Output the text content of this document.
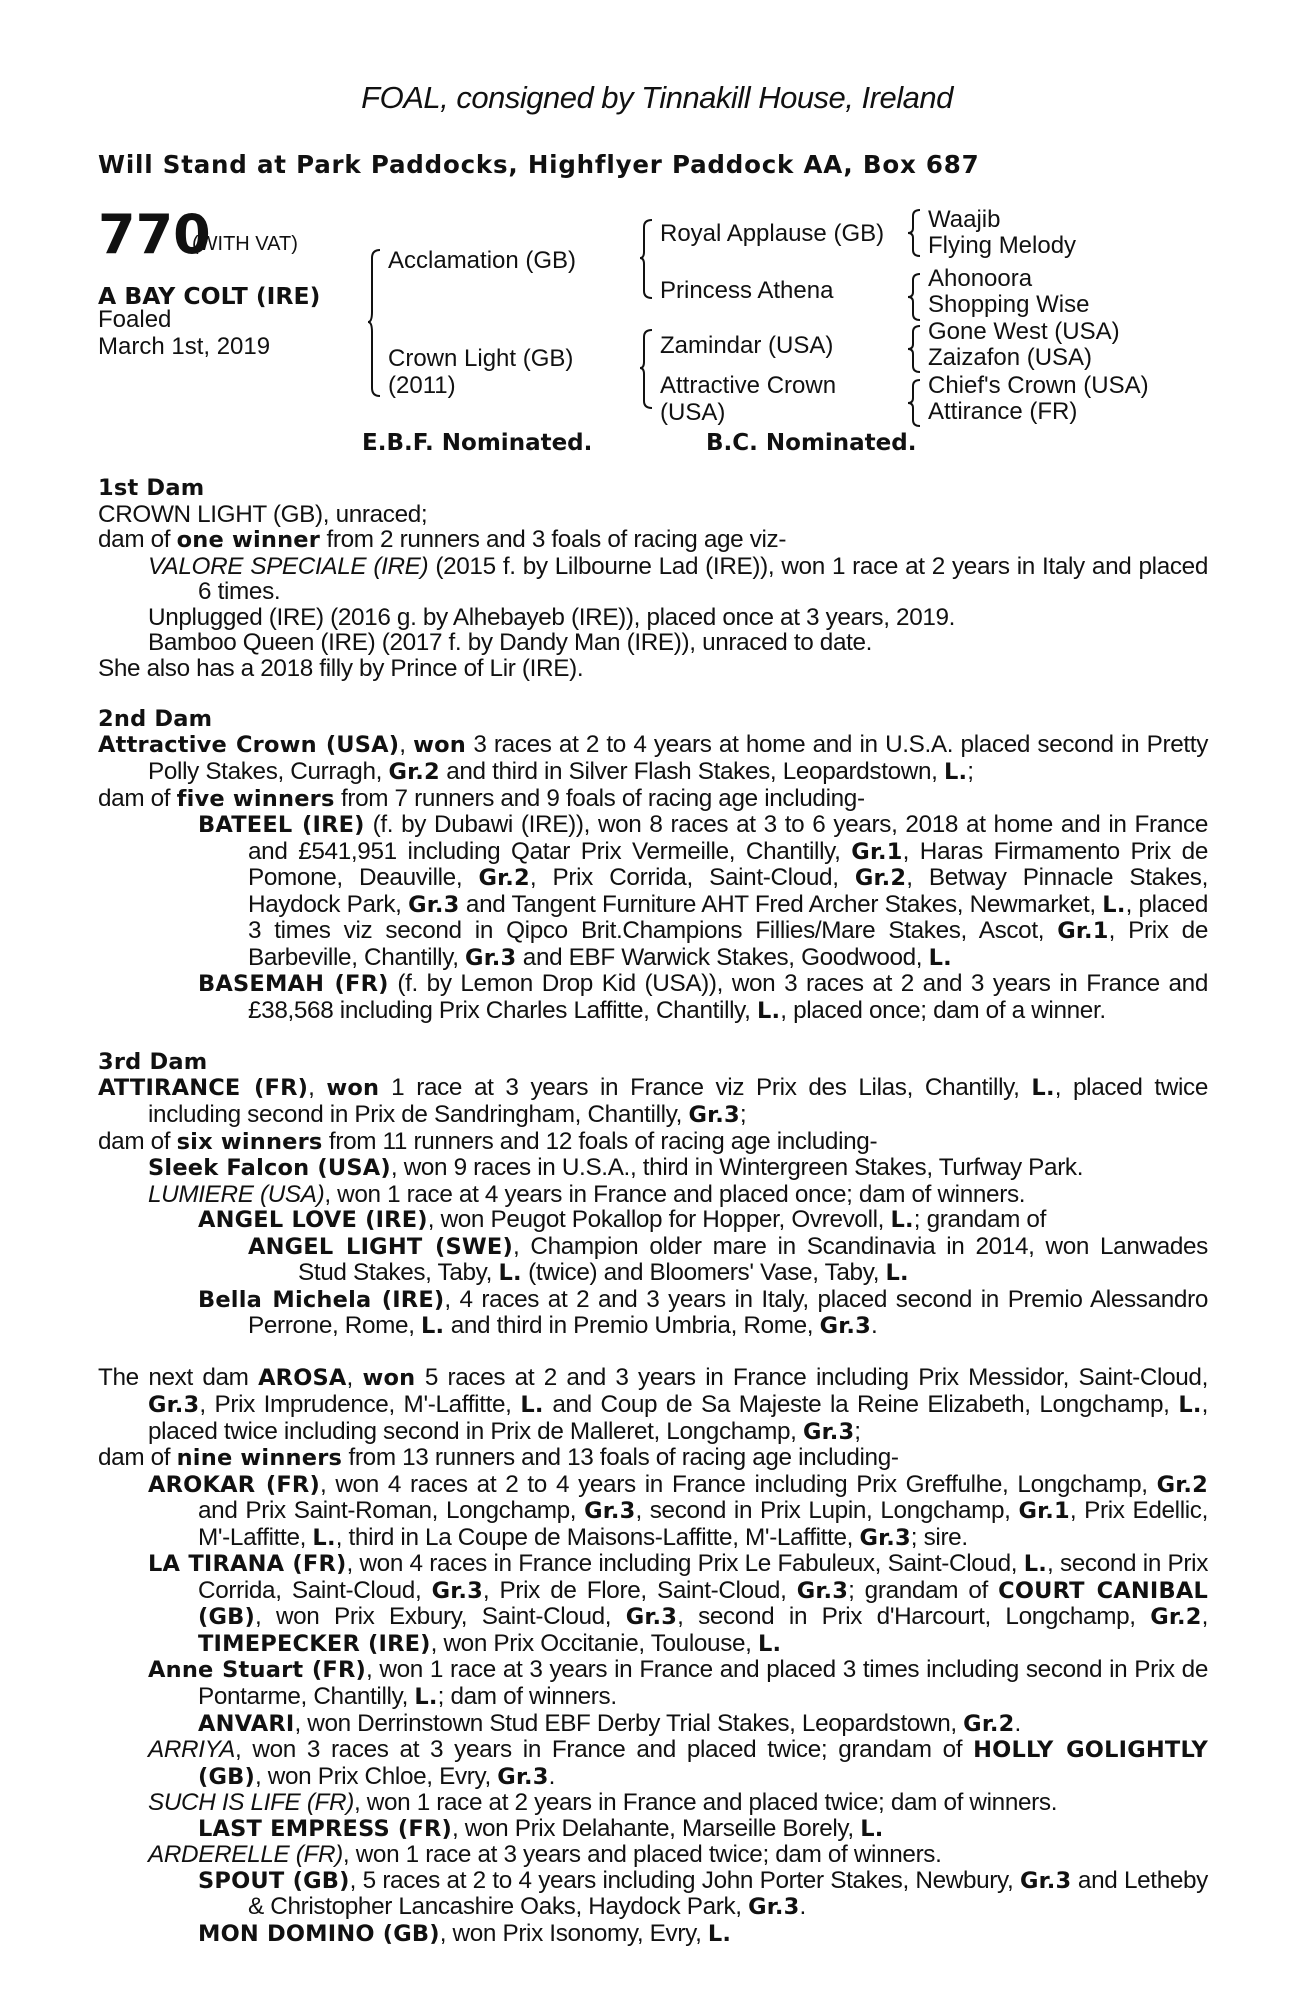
FOAL, consigned by Tinnakill House, Ireland
Will Stand at Park Paddocks, Highflyer Paddock AA, Box 687
770
(WITH VAT)
A BAY COLT (IRE)
Foaled
March 1st, 2019
Acclamation (GB)
Crown Light (GB)
(2011)
Royal Applause (GB)
Princess Athena
Zamindar (USA)
Attractive Crown
(USA)
Waajib
Flying Melody
Ahonoora
Shopping Wise
Gone West (USA)
Zaizafon (USA)
Chief's Crown (USA)
Attirance (FR)
E.B.F. Nominated.	B.C. Nominated.
1st Dam

CROWN LIGHT (GB), unraced;

dam of one winner from 2 runners and 3 foals of racing age viz-

VALORE SPECIALE (IRE) (2015 f. by Lilbourne Lad (IRE)), won 1 race at 2 years in Italy and placed 6 times.

Unplugged (IRE) (2016 g. by Alhebayeb (IRE)), placed once at 3 years, 2019.

Bamboo Queen (IRE) (2017 f. by Dandy Man (IRE)), unraced to date.

She also has a 2018 filly by Prince of Lir (IRE).

2nd Dam

Attractive Crown (USA), won 3 races at 2 to 4 years at home and in U.S.A. placed second in Pretty Polly Stakes, Curragh, Gr.2 and third in Silver Flash Stakes, Leopardstown, L.;

dam of five winners from 7 runners and 9 foals of racing age including-

BATEEL (IRE) (f. by Dubawi (IRE)), won 8 races at 3 to 6 years, 2018 at home and in France and £541,951 including Qatar Prix Vermeille, Chantilly, Gr.1, Haras Firmamento Prix de Pomone, Deauville, Gr.2, Prix Corrida, Saint-Cloud, Gr.2, Betway Pinnacle Stakes, Haydock Park, Gr.3 and Tangent Furniture AHT Fred Archer Stakes, Newmarket, L., placed 3 times viz second in Qipco Brit.Champions Fillies/Mare Stakes, Ascot, Gr.1, Prix de Barbeville, Chantilly, Gr.3 and EBF Warwick Stakes, Goodwood, L.

BASEMAH (FR) (f. by Lemon Drop Kid (USA)), won 3 races at 2 and 3 years in France and £38,568 including Prix Charles Laffitte, Chantilly, L., placed once; dam of a winner.

3rd Dam

ATTIRANCE (FR), won 1 race at 3 years in France viz Prix des Lilas, Chantilly, L., placed twice including second in Prix de Sandringham, Chantilly, Gr.3;

dam of six winners from 11 runners and 12 foals of racing age including-

Sleek Falcon (USA), won 9 races in U.S.A., third in Wintergreen Stakes, Turfway Park.

LUMIERE (USA), won 1 race at 4 years in France and placed once; dam of winners.

ANGEL LOVE (IRE), won Peugot Pokallop for Hopper, Ovrevoll, L.; grandam of

ANGEL LIGHT (SWE), Champion older mare in Scandinavia in 2014, won Lanwades Stud Stakes, Taby, L. (twice) and Bloomers' Vase, Taby, L.

Bella Michela (IRE), 4 races at 2 and 3 years in Italy, placed second in Premio Alessandro Perrone, Rome, L. and third in Premio Umbria, Rome, Gr.3.

The next dam AROSA, won 5 races at 2 and 3 years in France including Prix Messidor, Saint-Cloud, Gr.3, Prix Imprudence, M'-Laffitte, L. and Coup de Sa Majeste la Reine Elizabeth, Longchamp, L., placed twice including second in Prix de Malleret, Longchamp, Gr.3;

dam of nine winners from 13 runners and 13 foals of racing age including-

AROKAR (FR), won 4 races at 2 to 4 years in France including Prix Greffulhe, Longchamp, Gr.2 and Prix Saint-Roman, Longchamp, Gr.3, second in Prix Lupin, Longchamp, Gr.1, Prix Edellic, M'-Laffitte, L., third in La Coupe de Maisons-Laffitte, M'-Laffitte, Gr.3; sire.

LA TIRANA (FR), won 4 races in France including Prix Le Fabuleux, Saint-Cloud, L., second in Prix Corrida, Saint-Cloud, Gr.3, Prix de Flore, Saint-Cloud, Gr.3; grandam of COURT CANIBAL (GB), won Prix Exbury, Saint-Cloud, Gr.3, second in Prix d'Harcourt, Longchamp, Gr.2, TIMEPECKER (IRE), won Prix Occitanie, Toulouse, L.

Anne Stuart (FR), won 1 race at 3 years in France and placed 3 times including second in Prix de Pontarme, Chantilly, L.; dam of winners.

ANVARI, won Derrinstown Stud EBF Derby Trial Stakes, Leopardstown, Gr.2.

ARRIYA, won 3 races at 3 years in France and placed twice; grandam of HOLLY GOLIGHTLY (GB), won Prix Chloe, Evry, Gr.3.

SUCH IS LIFE (FR), won 1 race at 2 years in France and placed twice; dam of winners.

LAST EMPRESS (FR), won Prix Delahante, Marseille Borely, L.

ARDERELLE (FR), won 1 race at 3 years and placed twice; dam of winners.

SPOUT (GB), 5 races at 2 to 4 years including John Porter Stakes, Newbury, Gr.3 and Letheby & Christopher Lancashire Oaks, Haydock Park, Gr.3.

MON DOMINO (GB), won Prix Isonomy, Evry, L.
